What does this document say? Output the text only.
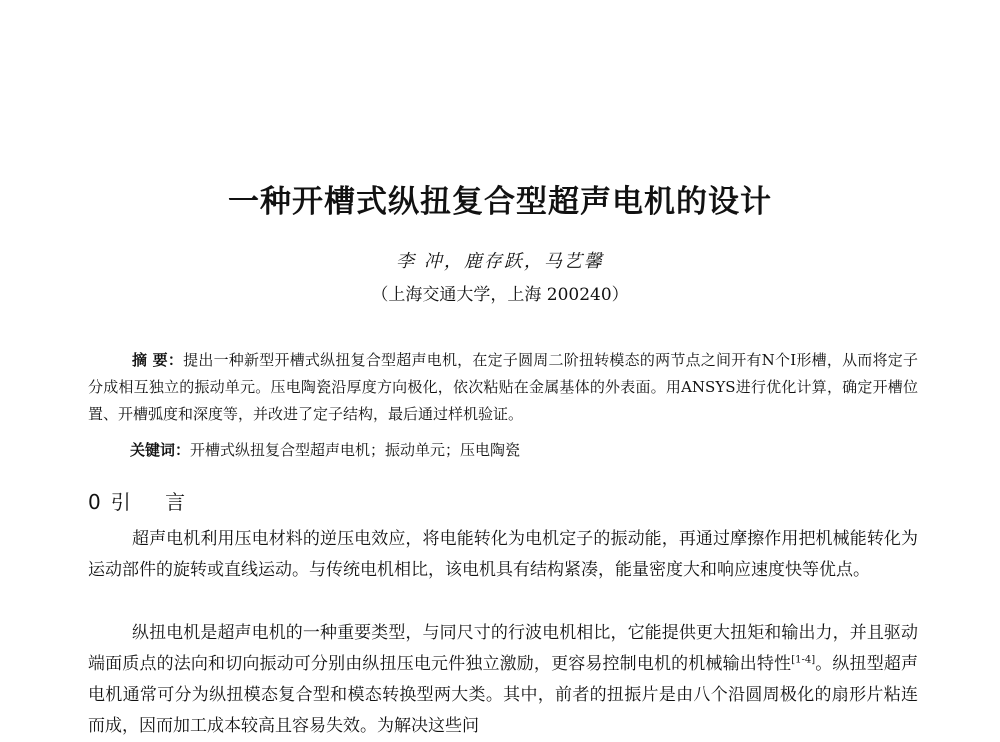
一种开槽式纵扭复合型超声电机的设计
李 冲，鹿存跃，马艺馨
（上海交通大学，上海 200240）

摘 要：提出一种新型开槽式纵扭复合型超声电机，在定子圆周二阶扭转模态的两节点之间开有N个I形槽，从而将定子分成相互独立的振动单元。压电陶瓷沿厚度方向极化，依次粘贴在金属基体的外表面。用ANSYS进行优化计算，确定开槽位置、开槽弧度和深度等，并改进了定子结构，最后通过样机验证。

关键词：开槽式纵扭复合型超声电机；振动单元；压电陶瓷

0 引 言

超声电机利用压电材料的逆压电效应，将电能转化为电机定子的振动能，再通过摩擦作用把机械能转化为运动部件的旋转或直线运动。与传统电机相比，该电机具有结构紧凑，能量密度大和响应速度快等优点。

纵扭电机是超声电机的一种重要类型，与同尺寸的行波电机相比，它能提供更大扭矩和输出力，并且驱动端面质点的法向和切向振动可分别由纵扭压电元件独立激励，更容易控制电机的机械输出特性[1-4]。纵扭型超声电机通常可分为纵扭模态复合型和模态转换型两大类。其中，前者的扭振片是由八个沿圆周极化的扇形片粘连而成，因而加工成本较高且容易失效。为解决这些问
